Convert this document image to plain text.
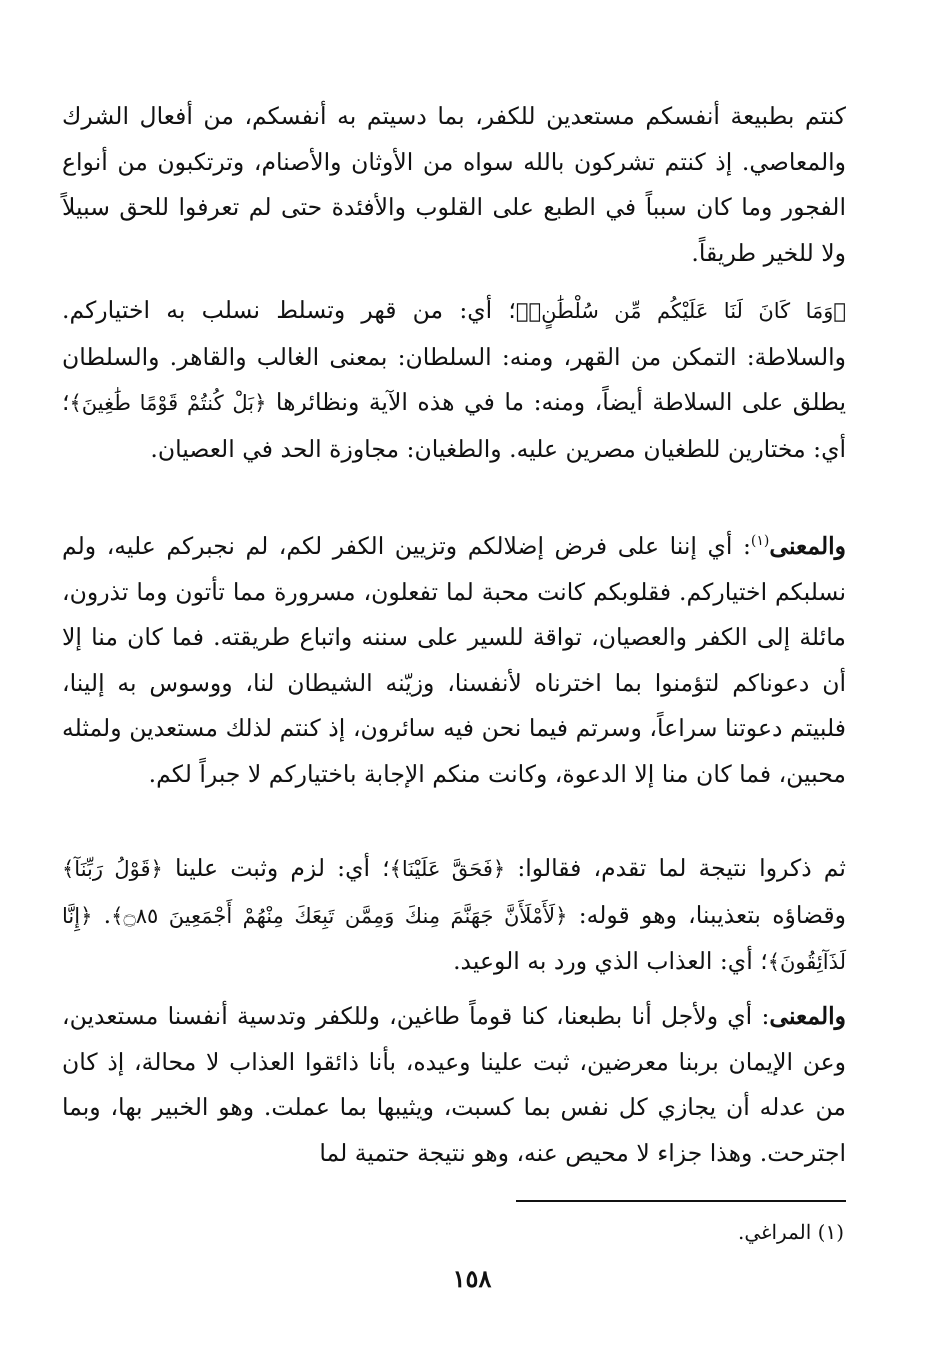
كنتم بطبيعة أنفسكم مستعدين للكفر، بما دسيتم به أنفسكم، من أفعال الشرك والمعاصي. إذ كنتم تشركون بالله سواه من الأوثان والأصنام، وترتكبون من أنواع الفجور وما كان سبباً في الطبع على القلوب والأفئدة حتى لم تعرفوا للحق سبيلاً ولا للخير طريقاً.

﴿وَمَا كَانَ لَنَا عَلَيْكُم مِّن سُلْطَٰنٍۭ﴾؛ أي: من قهر وتسلط نسلب به اختياركم. والسلاطة: التمكن من القهر، ومنه: السلطان: بمعنى الغالب والقاهر. والسلطان يطلق على السلاطة أيضاً، ومنه: ما في هذه الآية ونظائرها ﴿بَلْ كُنتُمْ قَوْمًا طَٰغِينَ﴾؛ أي: مختارين للطغيان مصرين عليه. والطغيان: مجاوزة الحد في العصيان.

والمعنى$^{(١)}$: أي إننا على فرض إضلالكم وتزيين الكفر لكم، لم نجبركم عليه، ولم نسلبكم اختياركم. فقلوبكم كانت محبة لما تفعلون، مسرورة مما تأتون وما تذرون، مائلة إلى الكفر والعصيان، تواقة للسير على سننه واتباع طريقته. فما كان منا إلا أن دعوناكم لتؤمنوا بما اخترناه لأنفسنا، وزيّنه الشيطان لنا، ووسوس به إلينا، فلبيتم دعوتنا سراعاً، وسرتم فيما نحن فيه سائرون، إذ كنتم لذلك مستعدين ولمثله محبين، فما كان منا إلا الدعوة، وكانت منكم الإجابة باختياركم لا جبراً لكم.

ثم ذكروا نتيجة لما تقدم، فقالوا: ﴿فَحَقَّ عَلَيْنَا﴾؛ أي: لزم وثبت علينا ﴿قَوْلُ رَبِّنَآ﴾ وقضاؤه بتعذيبنا، وهو قوله: ﴿لَأَمْلَأَنَّ جَهَنَّمَ مِنكَ وَمِمَّن تَبِعَكَ مِنْهُمْ أَجْمَعِينَ ۝٨٥﴾. ﴿إِنَّا لَذَآئِقُونَ﴾؛ أي: العذاب الذي ورد به الوعيد.

والمعنى: أي ولأجل أنا بطبعنا، كنا قوماً طاغين، وللكفر وتدسية أنفسنا مستعدين، وعن الإيمان بربنا معرضين، ثبت علينا وعيده، بأنا ذائقوا العذاب لا محالة، إذ كان من عدله أن يجازي كل نفس بما كسبت، ويثيبها بما عملت. وهو الخبير بها، وبما اجترحت. وهذا جزاء لا محيص عنه، وهو نتيجة حتمية لما

(١) المراغي.
١٥٨
